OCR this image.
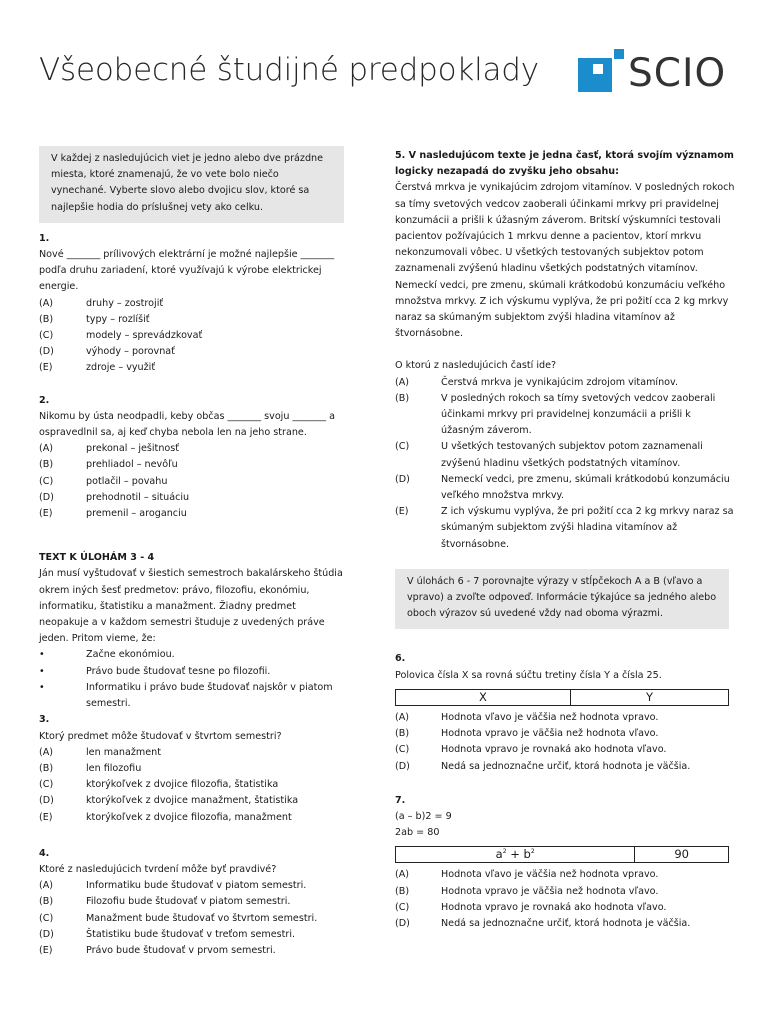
Všeobecné študijné predpoklady SCIO

V každej z nasledujúcich viet je jedno alebo dve prázdne miesta, ktoré znamenajú, že vo vete bolo niečo vynechané. Vyberte slovo alebo dvojicu slov, ktoré sa najlepšie hodia do príslušnej vety ako celku.

1.

Nové _______ prílivových elektrární je možné najlepšie _______ podľa druhu zariadení, ktoré využívajú k výrobe elektrickej energie.

(A)	druhy – zostrojiť
(B)	typy – rozlíšiť
(C)	modely – sprevádzkovať
(D)	výhody – porovnať
(E)	zdroje – využiť

2.

Nikomu by ústa neodpadli, keby občas _______ svoju _______ a ospravedlnil sa, aj keď chyba nebola len na jeho strane.

(A)	prekonal – ješitnosť
(B)	prehliadol – nevôľu
(C)	potlačil – povahu
(D)	prehodnotil – situáciu
(E)	premenil – aroganciu

TEXT K ÚLOHÁM 3 - 4

Ján musí vyštudovať v šiestich semestroch bakalárskeho štúdia okrem iných šesť predmetov: právo, filozofiu, ekonómiu, informatiku, štatistiku a manažment. Žiadny predmet neopakuje a v každom semestri študuje z uvedených práve jeden. Pritom vieme, že:

•	Začne ekonómiou.
•	Právo bude študovať tesne po filozofii.
•	Informatiku i právo bude študovať najskôr v piatom semestri.

3.

Ktorý predmet môže študovať v štvrtom semestri?

(A)	len manažment
(B)	len filozofiu
(C)	ktorýkoľvek z dvojice filozofia, štatistika
(D)	ktorýkoľvek z dvojice manažment, štatistika
(E)	ktorýkoľvek z dvojice filozofia, manažment

4.

Ktoré z nasledujúcich tvrdení môže byť pravdivé?

(A)	Informatiku bude študovať v piatom semestri.
(B)	Filozofiu bude študovať v piatom semestri.
(C)	Manažment bude študovať vo štvrtom semestri.
(D)	Štatistiku bude študovať v treťom semestri.
(E)	Právo bude študovať v prvom semestri.

5. V nasledujúcom texte je jedna časť, ktorá svojím významom logicky nezapadá do zvyšku jeho obsahu:

Čerstvá mrkva je vynikajúcim zdrojom vitamínov. V posledných rokoch sa tímy svetových vedcov zaoberali účinkami mrkvy pri pravidelnej konzumácii a prišli k úžasným záverom. Britskí výskumníci testovali pacientov požívajúcich 1 mrkvu denne a pacientov, ktorí mrkvu nekonzumovali vôbec. U všetkých testovaných subjektov potom zaznamenali zvýšenú hladinu všetkých podstatných vitamínov. Nemeckí vedci, pre zmenu, skúmali krátkodobú konzumáciu veľkého množstva mrkvy. Z ich výskumu vyplýva, že pri požití cca 2 kg mrkvy naraz sa skúmaným subjektom zvýši hladina vitamínov až štvornásobne.

O ktorú z nasledujúcich častí ide?

(A)	Čerstvá mrkva je vynikajúcim zdrojom vitamínov.
(B)	V posledných rokoch sa tímy svetových vedcov zaoberali účinkami mrkvy pri pravidelnej konzumácii a prišli k úžasným záverom.
(C)	U všetkých testovaných subjektov potom zaznamenali zvýšenú hladinu všetkých podstatných vitamínov.
(D)	Nemeckí vedci, pre zmenu, skúmali krátkodobú konzumáciu veľkého množstva mrkvy.
(E)	Z ich výskumu vyplýva, že pri požití cca 2 kg mrkvy naraz sa skúmaným subjektom zvýši hladina vitamínov až štvornásobne.

V úlohách 6 - 7 porovnajte výrazy v stĺpčekoch A a B (vľavo a vpravo) a zvoľte odpoveď. Informácie týkajúce sa jedného alebo oboch výrazov sú uvedené vždy nad oboma výrazmi.

6.

Polovica čísla X sa rovná súčtu tretiny čísla Y a čísla 25.

X	Y
(A)	Hodnota vľavo je väčšia než hodnota vpravo.
(B)	Hodnota vpravo je väčšia než hodnota vľavo.
(C)	Hodnota vpravo je rovnaká ako hodnota vľavo.
(D)	Nedá sa jednoznačne určiť, ktorá hodnota je väčšia.

7.

(a – b)2 = 9

2ab = 80

$a^2 + b^2$	90
(A)	Hodnota vľavo je väčšia než hodnota vpravo.
(B)	Hodnota vpravo je väčšia než hodnota vľavo.
(C)	Hodnota vpravo je rovnaká ako hodnota vľavo.
(D)	Nedá sa jednoznačne určiť, ktorá hodnota je väčšia.
